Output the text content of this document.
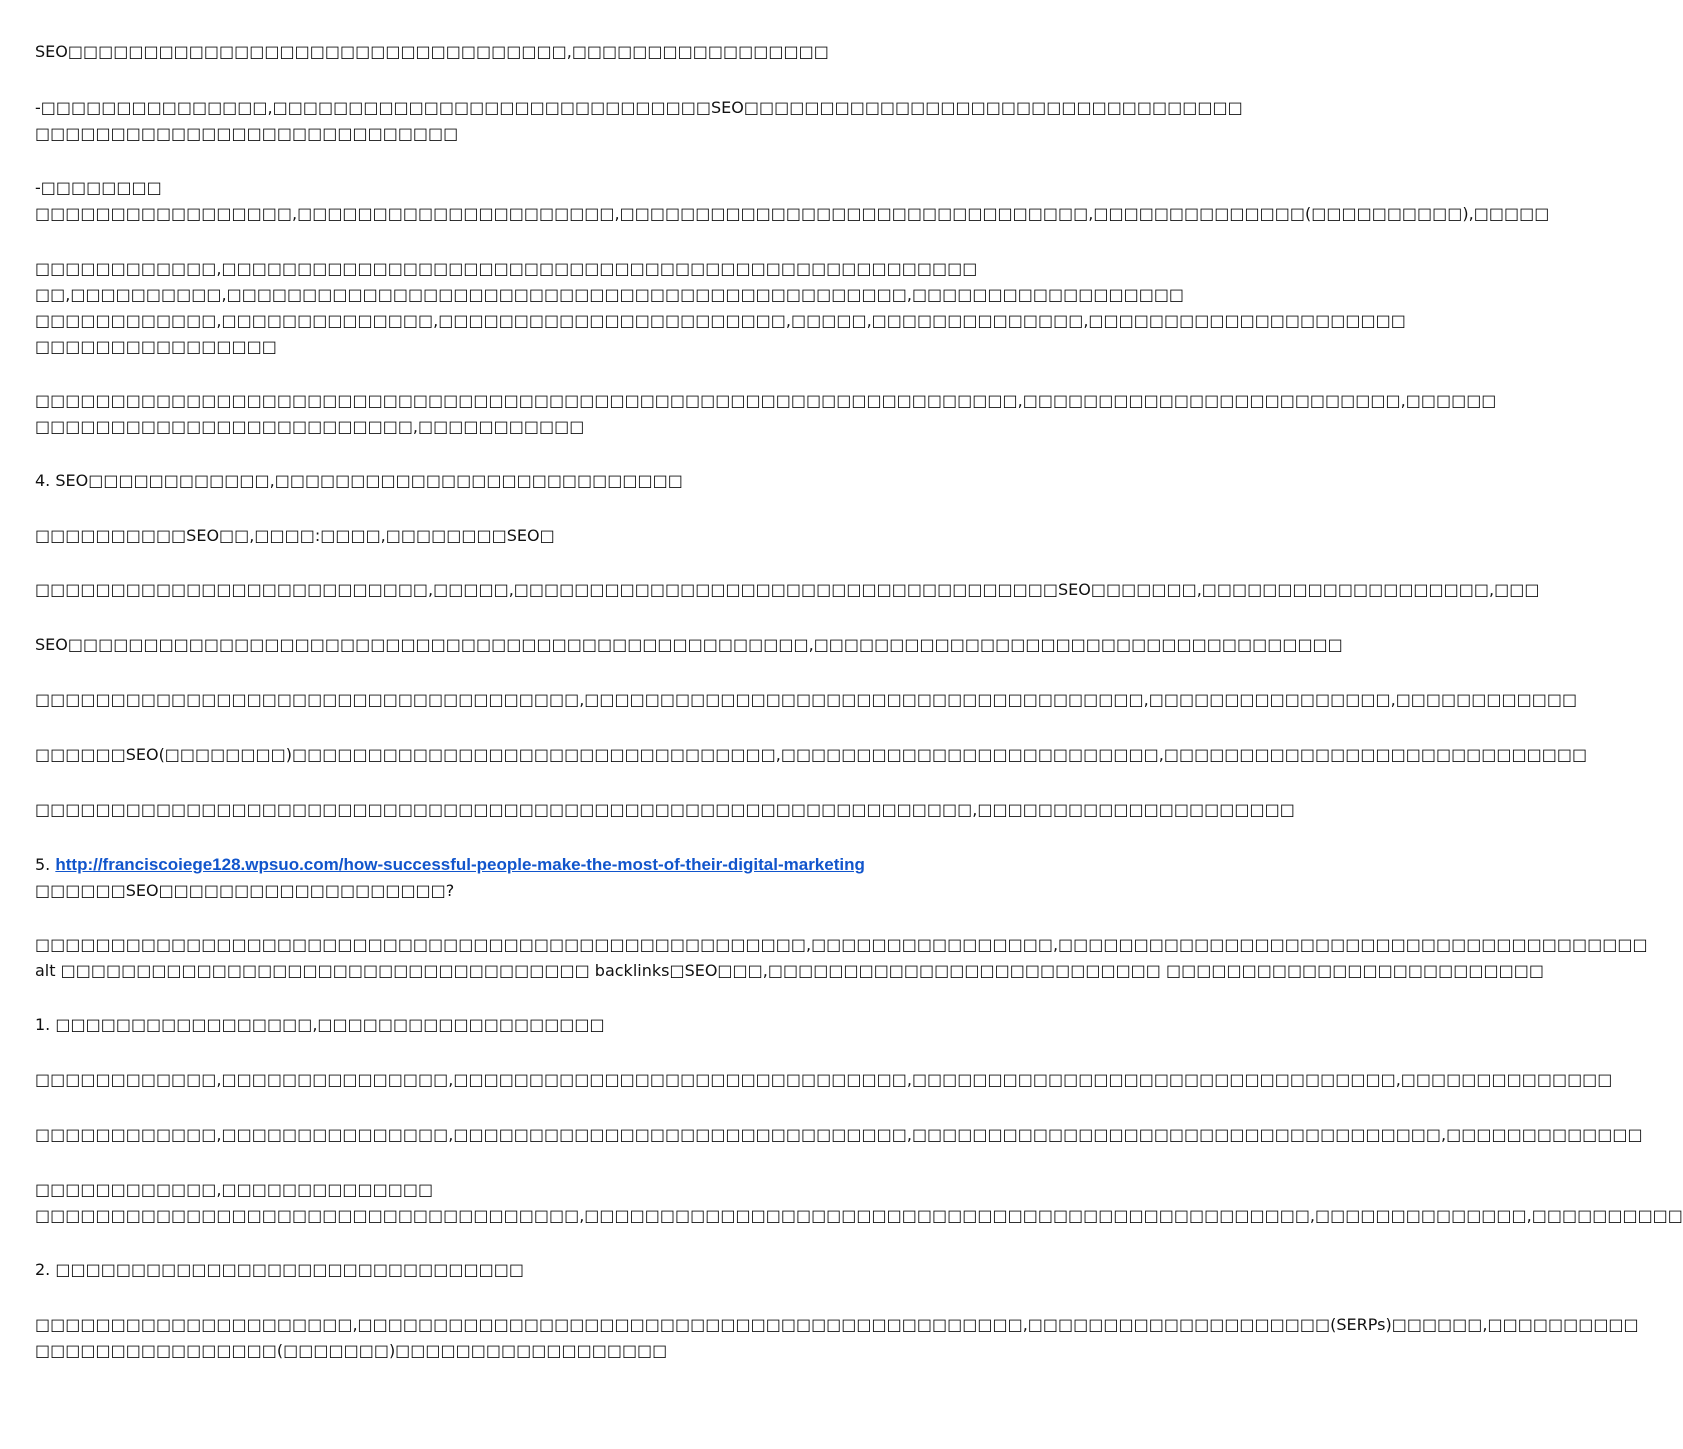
SEO□□□□□□□□□□□□□□□□□□□□□□□□□□□□□□□□□,□□□□□□□□□□□□□□□□□
-□□□□□□□□□□□□□□□,□□□□□□□□□□□□□□□□□□□□□□□□□□□□□SEO□□□□□□□□□□□□□□□□□□□□□□□□□□□□□□□□□
□□□□□□□□□□□□□□□□□□□□□□□□□□□□
-□□□□□□□□
□□□□□□□□□□□□□□□□□,□□□□□□□□□□□□□□□□□□□□□,□□□□□□□□□□□□□□□□□□□□□□□□□□□□□□□,□□□□□□□□□□□□□□(□□□□□□□□□□),□□□□□
□□□□□□□□□□□□,□□□□□□□□□□□□□□□□□□□□□□□□□□□□□□□□□□□□□□□□□□□□□□□□□□
□□,□□□□□□□□□□,□□□□□□□□□□□□□□□□□□□□□□□□□□□□□□□□□□□□□□□□□□□□□,□□□□□□□□□□□□□□□□□□
□□□□□□□□□□□□,□□□□□□□□□□□□□□,□□□□□□□□□□□□□□□□□□□□□□□,□□□□□,□□□□□□□□□□□□□□,□□□□□□□□□□□□□□□□□□□□□
□□□□□□□□□□□□□□□□
□□□□□□□□□□□□□□□□□□□□□□□□□□□□□□□□□□□□□□□□□□□□□□□□□□□□□□□□□□□□□□□□□,□□□□□□□□□□□□□□□□□□□□□□□□□,□□□□□□
□□□□□□□□□□□□□□□□□□□□□□□□□,□□□□□□□□□□□
4. SEO□□□□□□□□□□□□,□□□□□□□□□□□□□□□□□□□□□□□□□□□
□□□□□□□□□□SEO□□,□□□□:□□□□,□□□□□□□□SEO□
□□□□□□□□□□□□□□□□□□□□□□□□□□,□□□□□,□□□□□□□□□□□□□□□□□□□□□□□□□□□□□□□□□□□□SEO□□□□□□□,□□□□□□□□□□□□□□□□□□□,□□□
SEO□□□□□□□□□□□□□□□□□□□□□□□□□□□□□□□□□□□□□□□□□□□□□□□□□,□□□□□□□□□□□□□□□□□□□□□□□□□□□□□□□□□□□
□□□□□□□□□□□□□□□□□□□□□□□□□□□□□□□□□□□□,□□□□□□□□□□□□□□□□□□□□□□□□□□□□□□□□□□□□□,□□□□□□□□□□□□□□□□,□□□□□□□□□□□□
□□□□□□SEO(□□□□□□□□)□□□□□□□□□□□□□□□□□□□□□□□□□□□□□□□□,□□□□□□□□□□□□□□□□□□□□□□□□□,□□□□□□□□□□□□□□□□□□□□□□□□□□□□
□□□□□□□□□□□□□□□□□□□□□□□□□□□□□□□□□□□□□□□□□□□□□□□□□□□□□□□□□□□□□□,□□□□□□□□□□□□□□□□□□□□□
5. http://franciscoiege128.wpsuo.com/how-successful-people-make-the-most-of-their-digital-marketing
□□□□□□SEO□□□□□□□□□□□□□□□□□□□?
□□□□□□□□□□□□□□□□□□□□□□□□□□□□□□□□□□□□□□□□□□□□□□□□□□□,□□□□□□□□□□□□□□□□,□□□□□□□□□□□□□□□□□□□□□□□□□□□□□□□□□□□□□□□
alt □□□□□□□□□□□□□□□□□□□□□□□□□□□□□□□□□□□ backlinks□SEO□□□,□□□□□□□□□□□□□□□□□□□□□□□□□□ □□□□□□□□□□□□□□□□□□□□□□□□□
1. □□□□□□□□□□□□□□□□□,□□□□□□□□□□□□□□□□□□□
□□□□□□□□□□□□,□□□□□□□□□□□□□□□,□□□□□□□□□□□□□□□□□□□□□□□□□□□□□□,□□□□□□□□□□□□□□□□□□□□□□□□□□□□□□□□,□□□□□□□□□□□□□□
□□□□□□□□□□□□,□□□□□□□□□□□□□□□,□□□□□□□□□□□□□□□□□□□□□□□□□□□□□□,□□□□□□□□□□□□□□□□□□□□□□□□□□□□□□□□□□□,□□□□□□□□□□□□□
□□□□□□□□□□□□,□□□□□□□□□□□□□□
□□□□□□□□□□□□□□□□□□□□□□□□□□□□□□□□□□□□,□□□□□□□□□□□□□□□□□□□□□□□□□□□□□□□□□□□□□□□□□□□□□□□□,□□□□□□□□□□□□□□,□□□□□□□□□□
2. □□□□□□□□□□□□□□□□□□□□□□□□□□□□□□□
□□□□□□□□□□□□□□□□□□□□□,□□□□□□□□□□□□□□□□□□□□□□□□□□□□□□□□□□□□□□□□□□□□,□□□□□□□□□□□□□□□□□□□□(SERPs)□□□□□□,□□□□□□□□□□
□□□□□□□□□□□□□□□□(□□□□□□□)□□□□□□□□□□□□□□□□□□
